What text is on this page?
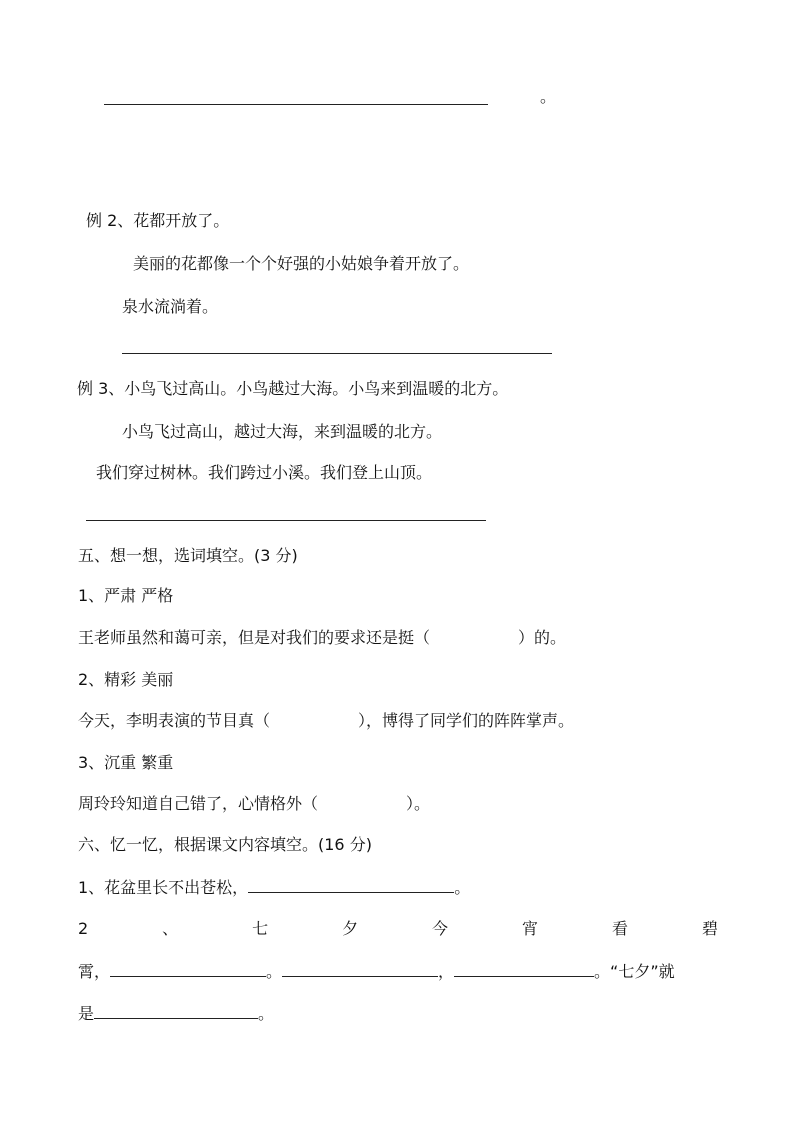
。
例 2、花都开放了。
美丽的花都像一个个好强的小姑娘争着开放了。
泉水流淌着。
例 3、小鸟飞过高山。小鸟越过大海。小鸟来到温暖的北方。
小鸟飞过高山，越过大海，来到温暖的北方。
我们穿过树林。我们跨过小溪。我们登上山顶。
五、想一想，选词填空。(3 分)
1、严肃 严格
王老师虽然和蔼可亲，但是对我们的要求还是挺（	）的。
2、精彩 美丽
今天，李明表演的节目真（	），博得了同学们的阵阵掌声。
3、沉重 繁重
周玲玲知道自己错了，心情格外（	）。
六、忆一忆，根据课文内容填空。(16 分)
1、花盆里长不出苍松，	。
2	、	七	夕	今	宵	看	碧
霄，	。	，	。“七夕”就
是	。
